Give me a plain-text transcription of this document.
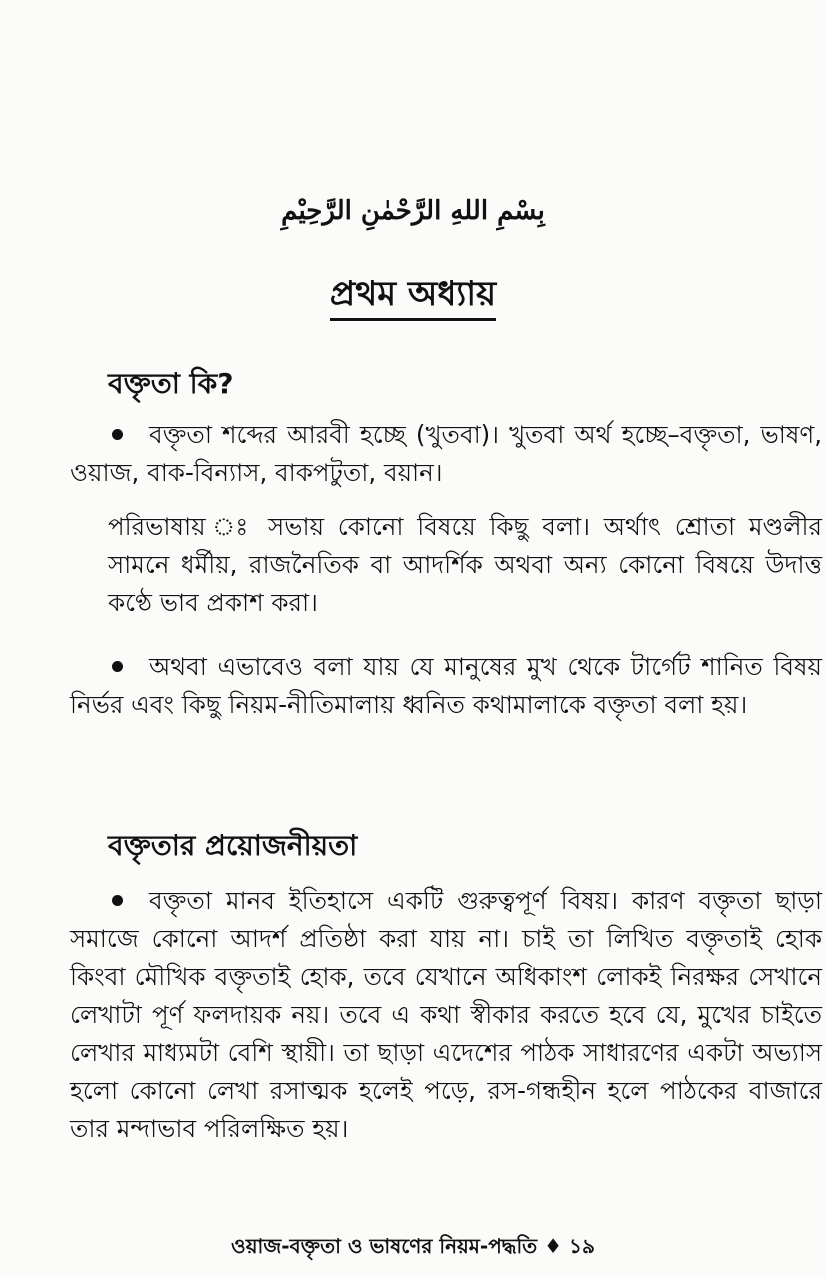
بِسْمِ اللهِ الرَّحْمٰنِ الرَّحِيْمِ
প্রথম অধ্যায়
বক্তৃতা কি?
বক্তৃতা শব্দের আরবী হচ্ছে (খুতবা)। খুতবা অর্থ হচ্ছে–বক্তৃতা, ভাষণ, ওয়াজ, বাক-বিন্যাস, বাকপটুতা, বয়ান।
পরিভাষায় ঃ সভায় কোনো বিষয়ে কিছু বলা। অর্থাৎ শ্রোতা মণ্ডলীর সামনে ধর্মীয়, রাজনৈতিক বা আদর্শিক অথবা অন্য কোনো বিষয়ে উদাত্ত কণ্ঠে ভাব প্রকাশ করা।
অথবা এভাবেও বলা যায় যে মানুষের মুখ থেকে টার্গেট শানিত বিষয় নির্ভর এবং কিছু নিয়ম-নীতিমালায় ধ্বনিত কথামালাকে বক্তৃতা বলা হয়।
বক্তৃতার প্রয়োজনীয়তা
বক্তৃতা মানব ইতিহাসে একটি গুরুত্বপূর্ণ বিষয়। কারণ বক্তৃতা ছাড়া সমাজে কোনো আদর্শ প্রতিষ্ঠা করা যায় না। চাই তা লিখিত বক্তৃতাই হোক কিংবা মৌখিক বক্তৃতাই হোক, তবে যেখানে অধিকাংশ লোকই নিরক্ষর সেখানে লেখাটা পূর্ণ ফলদায়ক নয়। তবে এ কথা স্বীকার করতে হবে যে, মুখের চাইতে লেখার মাধ্যমটা বেশি স্থায়ী। তা ছাড়া এদেশের পাঠক সাধারণের একটা অভ্যাস হলো কোনো লেখা রসাত্মক হলেই পড়ে, রস-গন্ধহীন হলে পাঠকের বাজারে তার মন্দাভাব পরিলক্ষিত হয়।
ওয়াজ-বক্তৃতা ও ভাষণের নিয়ম-পদ্ধতি ♦ ১৯
